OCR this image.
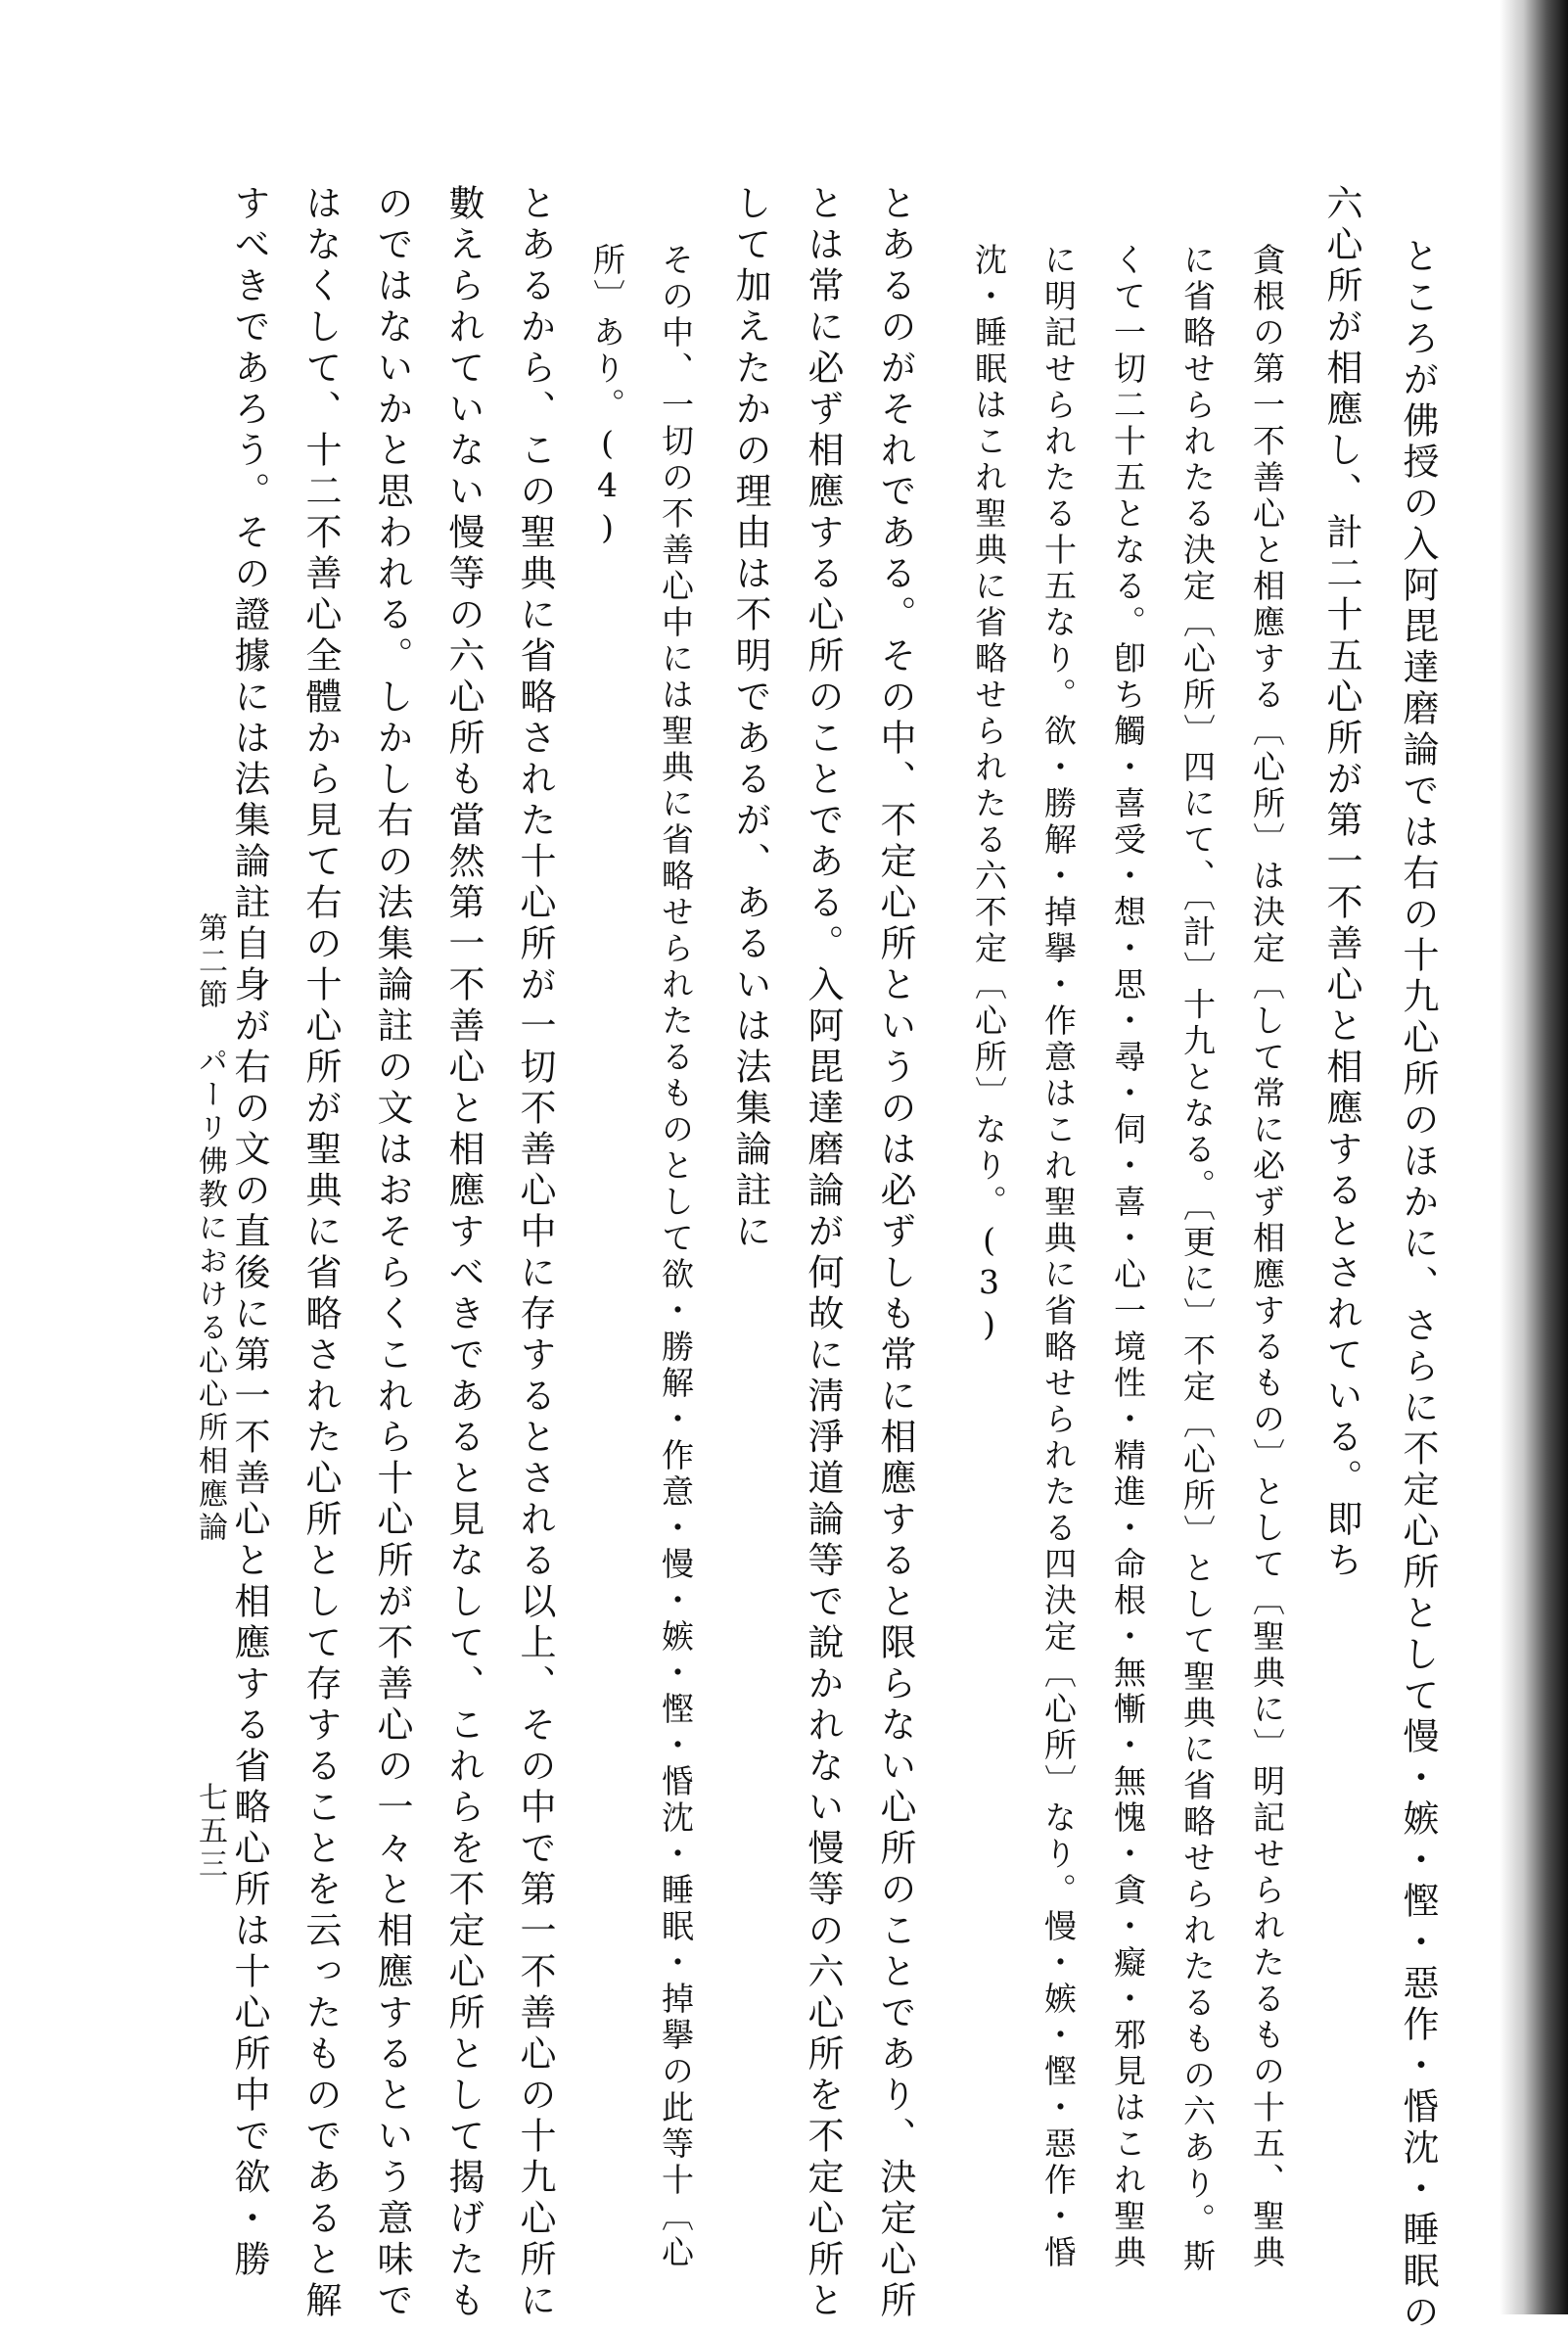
ところが佛授の入阿毘達磨論では右の十九心所のほかに、さらに不定心所として慢・嫉・慳・惡作・惛沈・睡眠の

六心所が相應し、計二十五心所が第一不善心と相應するとされている。即ち

貪根の第一不善心と相應する〔心所〕は決定〔して常に必ず相應するもの〕として〔聖典に〕明記せられたるもの十五、聖典

に省略せられたる決定〔心所〕四にて、〔計〕十九となる。〔更に〕不定〔心所〕として聖典に省略せられたるもの六あり。斯

くて一切二十五となる。卽ち觸・喜受・想・思・尋・伺・喜・心一境性・精進・命根・無慚・無愧・貪・癡・邪見はこれ聖典

に明記せられたる十五なり。欲・勝解・掉擧・作意はこれ聖典に省略せられたる四決定〔心所〕なり。慢・嫉・慳・惡作・惛

沈・睡眠はこれ聖典に省略せられたる六不定〔心所〕なり。(3)

とあるのがそれである。その中、不定心所というのは必ずしも常に相應すると限らない心所のことであり、決定心所

とは常に必ず相應する心所のことである。入阿毘達磨論が何故に淸淨道論等で說かれない慢等の六心所を不定心所と

して加えたかの理由は不明であるが、あるいは法集論註に

その中、一切の不善心中には聖典に省略せられたるものとして欲・勝解・作意・慢・嫉・慳・惛沈・睡眠・掉擧の此等十〔心

所〕あり。(4)

とあるから、この聖典に省略された十心所が一切不善心中に存するとされる以上、その中で第一不善心の十九心所に

數えられていない慢等の六心所も當然第一不善心と相應すべきであると見なして、これらを不定心所として揭げたも

のではないかと思われる。しかし右の法集論註の文はおそらくこれら十心所が不善心の一々と相應するという意味で

はなくして、十二不善心全體から見て右の十心所が聖典に省略された心所として存することを云ったものであると解

すべきであろう。その證據には法集論註自身が右の文の直後に第一不善心と相應する省略心所は十心所中で欲・勝

第二節　パーリ佛教における心心所相應論
七五三
